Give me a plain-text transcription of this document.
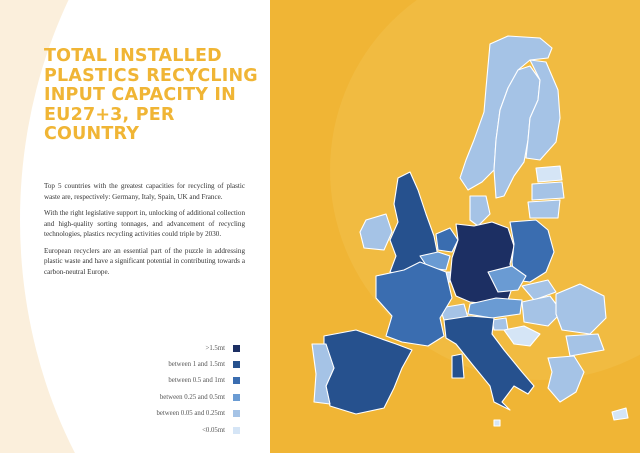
TOTAL INSTALLED PLASTICS RECYCLING INPUT CAPACITY IN EU27+3, PER COUNTRY

Top 5 countries with the greatest capacities for recycling of plastic waste are, respectively: Germany, Italy, Spain, UK and France.

With the right legislative support in, unlocking of additional collection and high-quality sorting tonnages, and advancement of recycling technologies, plastics recycling activities could triple by 2030.

European recyclers are an essential part of the puzzle in addressing plastic waste and have a significant potential in contributing towards a carbon-neutral Europe.

>1.5mt
between 1 and 1.5mt
between 0.5 and 1mt
between 0.25 and 0.5mt
between 0.05 and 0.25mt
<0.05mt
